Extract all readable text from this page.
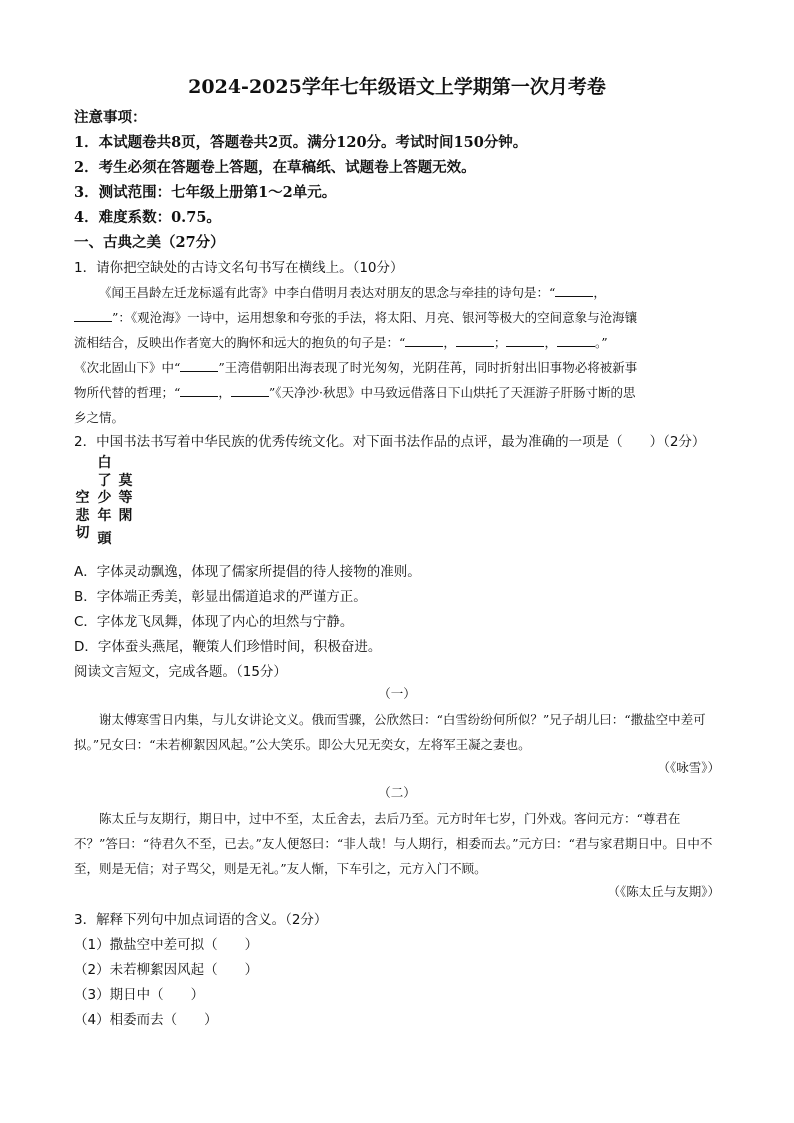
2024-2025学年七年级语文上学期第一次月考卷
注意事项：
1．本试题卷共8页，答题卷共2页。满分120分。考试时间150分钟。
2．考生必须在答题卷上答题，在草稿纸、试题卷上答题无效。
3．测试范围：七年级上册第1～2单元。
4．难度系数：0.75。
一、古典之美（27分）
1．请你把空缺处的古诗文名句书写在横线上。（10分）
《闻王昌龄左迁龙标遥有此寄》中李白借明月表达对朋友的思念与牵挂的诗句是：“	，
”：《观沧海》一诗中，运用想象和夸张的手法，将太阳、月亮、银河等极大的空间意象与沧海镶
流相结合，反映出作者宽大的胸怀和远大的抱负的句子是：“	，	；	，	。”
《次北固山下》中“	”王湾借朝阳出海表现了时光匆匆，光阴荏苒，同时折射出旧事物必将被新事
物所代替的哲理；“	，	”《天净沙·秋思》中马致远借落日下山烘托了天涯游子肝肠寸断的思
乡之情。
2．中国书法书写着中华民族的优秀传统文化。对下面书法作品的点评，最为准确的一项是（　　）（2分）
白
了 莫
空 少 等
悲 年 閑
切 頭
A．字体灵动飘逸，体现了儒家所提倡的待人接物的准则。
B．字体端正秀美，彰显出儒道追求的严谨方正。
C．字体龙飞凤舞，体现了内心的坦然与宁静。
D．字体蚕头燕尾，鞭策人们珍惜时间，积极奋进。
阅读文言短文，完成各题。（15分）
（一）
谢太傅寒雪日内集，与儿女讲论文义。俄而雪骤，公欣然曰：“白雪纷纷何所似？”兄子胡儿曰：“撒盐空中差可拟。”兄女曰：“未若柳絮因风起。”公大笑乐。即公大兄无奕女，左将军王凝之妻也。
（《咏雪》）
（二）
陈太丘与友期行，期日中，过中不至，太丘舍去，去后乃至。元方时年七岁，门外戏。客问元方：“尊君在不？”答曰：“待君久不至，已去。”友人便怒曰：“非人哉！与人期行，相委而去。”元方曰：“君与家君期日中。日中不至，则是无信；对子骂父，则是无礼。”友人惭，下车引之，元方入门不顾。
（《陈太丘与友期》）
3．解释下列句中加点词语的含义。（2分）
（1）撒盐空中差可拟（　　）
（2）未若柳絮因风起（　　）
（3）期日中（　　）
（4）相委而去（　　）
